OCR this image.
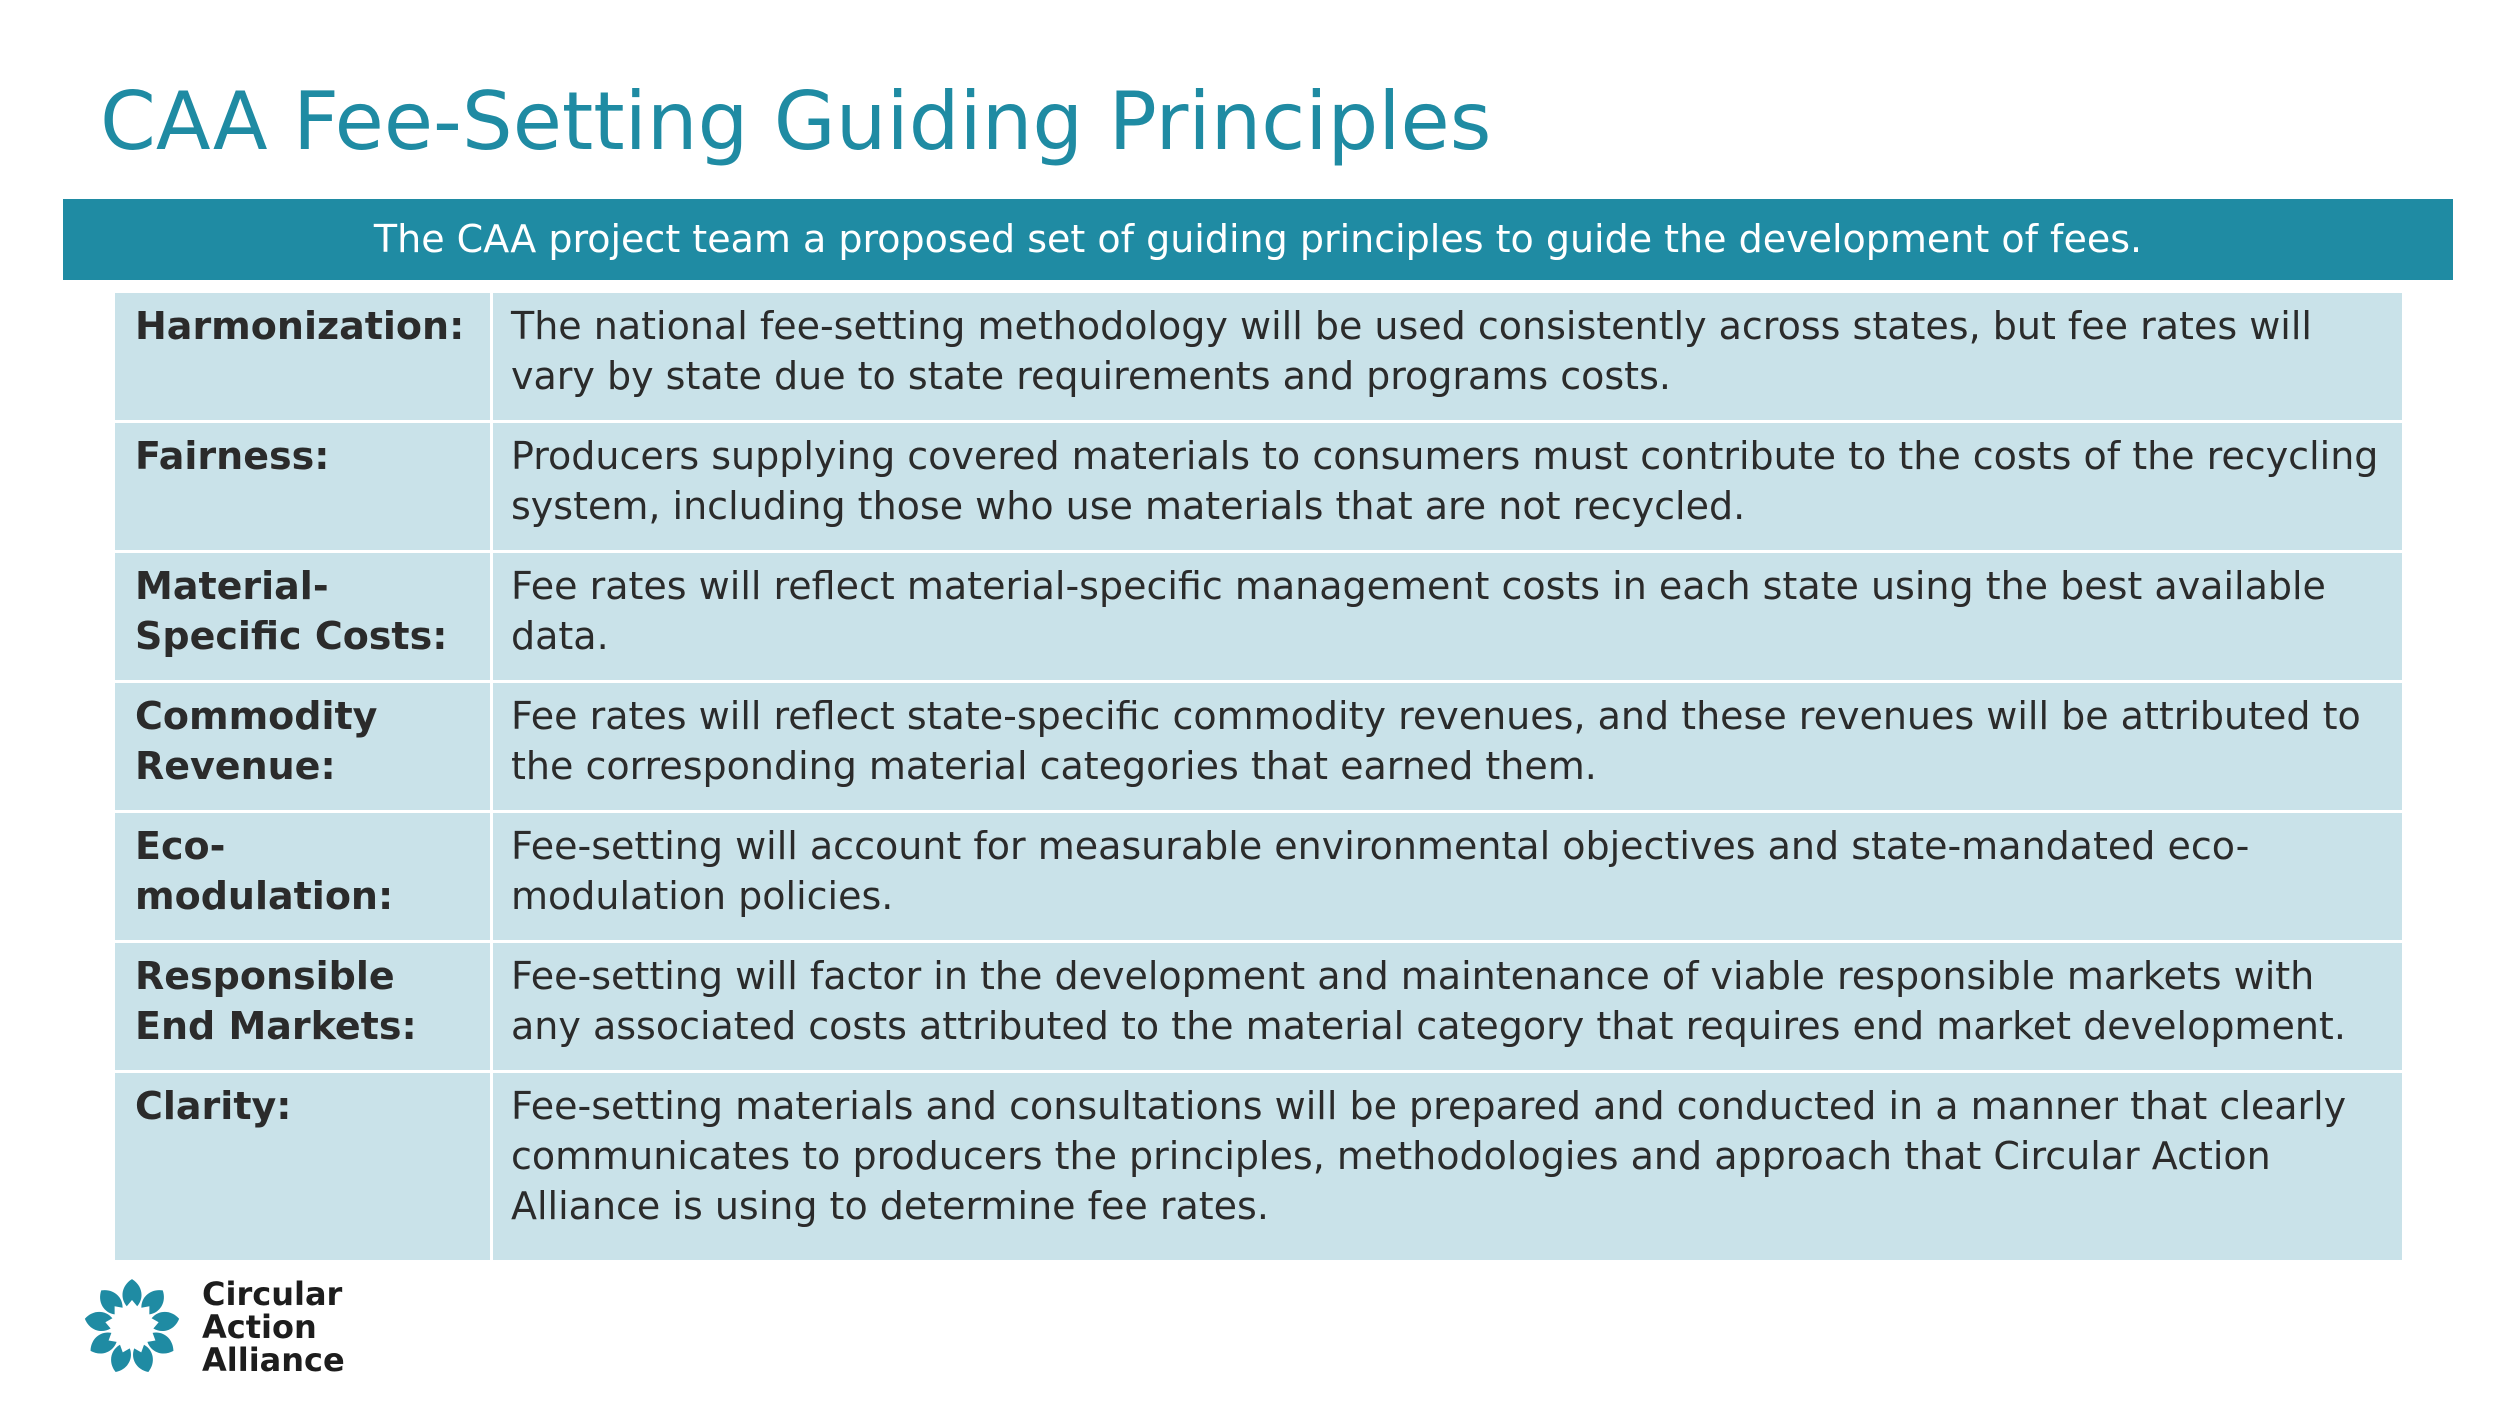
CAA Fee-Setting Guiding Principles
The CAA project team a proposed set of guiding principles to guide the development of fees.
Harmonization:	The national fee-setting methodology will be used consistently across states, but fee rates will vary by state due to state requirements and programs costs.
Fairness:	Producers supplying covered materials to consumers must contribute to the costs of the recycling system, including those who use materials that are not recycled.
Material-Specific Costs:	Fee rates will reflect material-specific management costs in each state using the best available data.
Commodity Revenue:	Fee rates will reflect state-specific commodity revenues, and these revenues will be attributed to the corresponding material categories that earned them.
Eco-modulation:	Fee-setting will account for measurable environmental objectives and state-mandated eco-modulation policies.
Responsible End Markets:	Fee-setting will factor in the development and maintenance of viable responsible markets with any associated costs attributed to the material category that requires end market development.
Clarity:	Fee-setting materials and consultations will be prepared and conducted in a manner that clearly communicates to producers the principles, methodologies and approach that Circular Action Alliance is using to determine fee rates.
Circular
Action
Alliance
